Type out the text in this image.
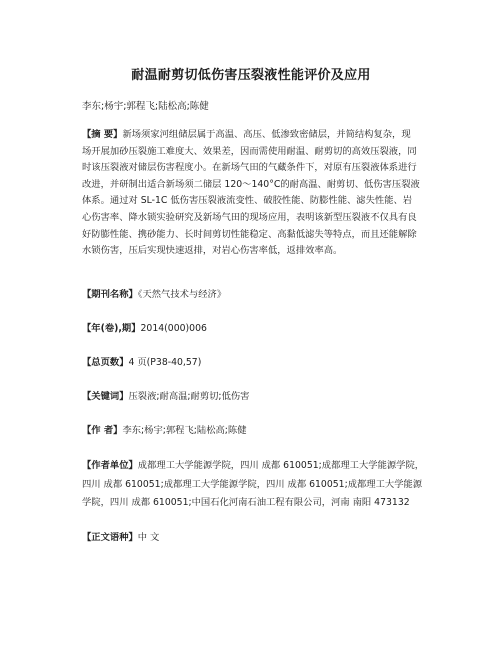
耐温耐剪切低伤害压裂液性能评价及应用
李东;杨宇;郭程飞;陆松高;陈健
【摘 要】新场须家河组储层属于高温、高压、低渗致密储层，并简结构复杂，现
场开展加砂压裂施工难度大、效果差，因而需使用耐温、耐剪切的高效压裂液，同
时该压裂液对储层伤害程度小。在新场气田的气藏条件下，对原有压裂液体系进行
改进，并研制出适合新场须二储层 120～140°C的耐高温、耐剪切、低伤害压裂液
体系。通过对 SL-1C 低伤害压裂液流变性、破胶性能、防膨性能、滤失性能、岩
心伤害率、降水锁实验研究及新场气田的现场应用，表明该新型压裂液不仅具有良
好防膨性能、携砂能力、长时间剪切性能稳定、高黏低滤失等特点，而且还能解除
水锁伤害，压后实现快速返排，对岩心伤害率低，返排效率高。
【期刊名称】《天然气技术与经济》
【年(卷),期】2014(000)006
【总页数】4 页(P38-40,57)
【关键词】压裂液;耐高温;耐剪切;低伤害
【作 者】李东;杨宇;郭程飞;陆松高;陈健
【作者单位】成都理工大学能源学院，四川 成都 610051;成都理工大学能源学院，
四川 成都 610051;成都理工大学能源学院，四川 成都 610051;成都理工大学能源
学院，四川 成都 610051;中国石化河南石油工程有限公司，河南 南阳 473132
【正文语种】中 文
